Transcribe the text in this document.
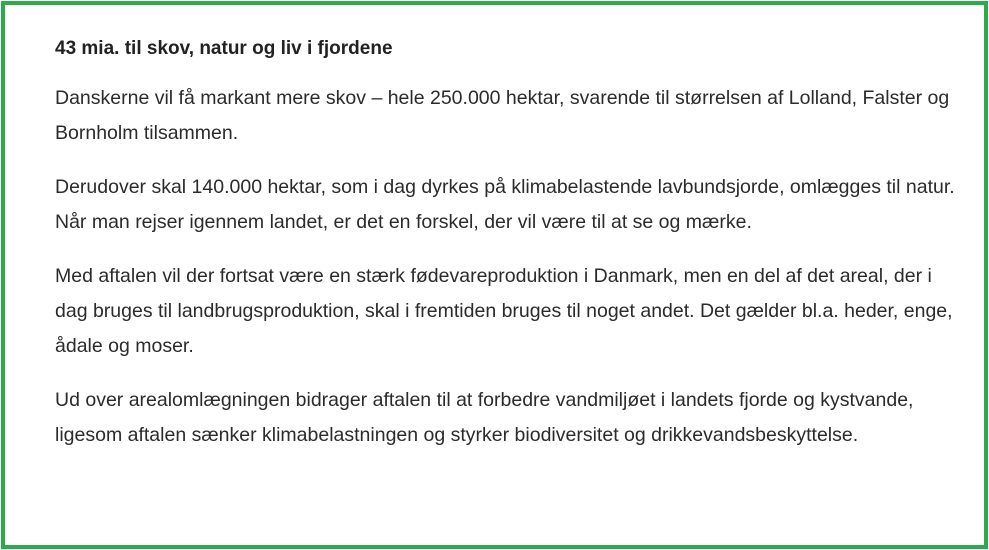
43 mia. til skov, natur og liv i fjordene

Danskerne vil få markant mere skov – hele 250.000 hektar, svarende til størrelsen af Lolland, Falster og Bornholm tilsammen.

Derudover skal 140.000 hektar, som i dag dyrkes på klimabelastende lavbundsjorde, omlægges til natur. Når man rejser igennem landet, er det en forskel, der vil være til at se og mærke.

Med aftalen vil der fortsat være en stærk fødevareproduktion i Danmark, men en del af det areal, der i dag bruges til landbrugsproduktion, skal i fremtiden bruges til noget andet. Det gælder bl.a. heder, enge, ådale og moser.

Ud over arealomlægningen bidrager aftalen til at forbedre vandmiljøet i landets fjorde og kystvande, ligesom aftalen sænker klimabelastningen og styrker biodiversitet og drikkevandsbeskyttelse.
